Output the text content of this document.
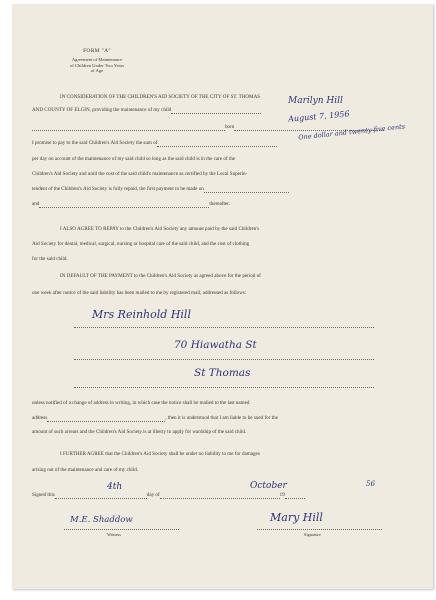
FORM "A"
Agreement of Maintenance
of Children Under Two Years
of Age
IN CONSIDERATION OF THE CHILDREN'S AID SOCIETY OF THE CITY OF ST. THOMAS
AND COUNTY OF ELGIN, providing the maintenance of my child
Marilyn Hill
born
August 7, 1956
I promise to pay to the said Children's Aid Society the sum of
One dollar and twenty-five cents
per day on account of the maintenance of my said child so long as the said child is in the care of the
Children's Aid Society and until the cost of the said child's maintenance as certified by the Local Superin-
tendent of the Children's Aid Society is fully repaid, the first payment to be made on
and	thereafter.
I ALSO AGREE TO REPAY to the Children's Aid Society any amount paid by the said Children's
Aid Society for dental, medical, surgical, nursing or hospital care of the said child, and the cost of clothing
for the said child.
IN DEFAULT OF THE PAYMENT to the Children's Aid Society as agreed above for the period of
one week after notice of the said liability has been mailed to me by registered mail, addressed as follows:
Mrs Reinhold Hill
70 Hiawatha St
St Thomas
unless notified of a change of address in writing, in which case the notice shall be mailed to the last named
address	, then it is understood that I am liable to be sued for the
amount of such arrears and the Children's Aid Society is at liberty to apply for wardship of the said child.
I FURTHER AGREE that the Children's Aid Society shall be under no liability to me for damages
arising out of the maintenance and care of my child.
Signed this	day of	19
4th	October	56
Witness
M.E. Shaddow
Signature
Mary Hill
